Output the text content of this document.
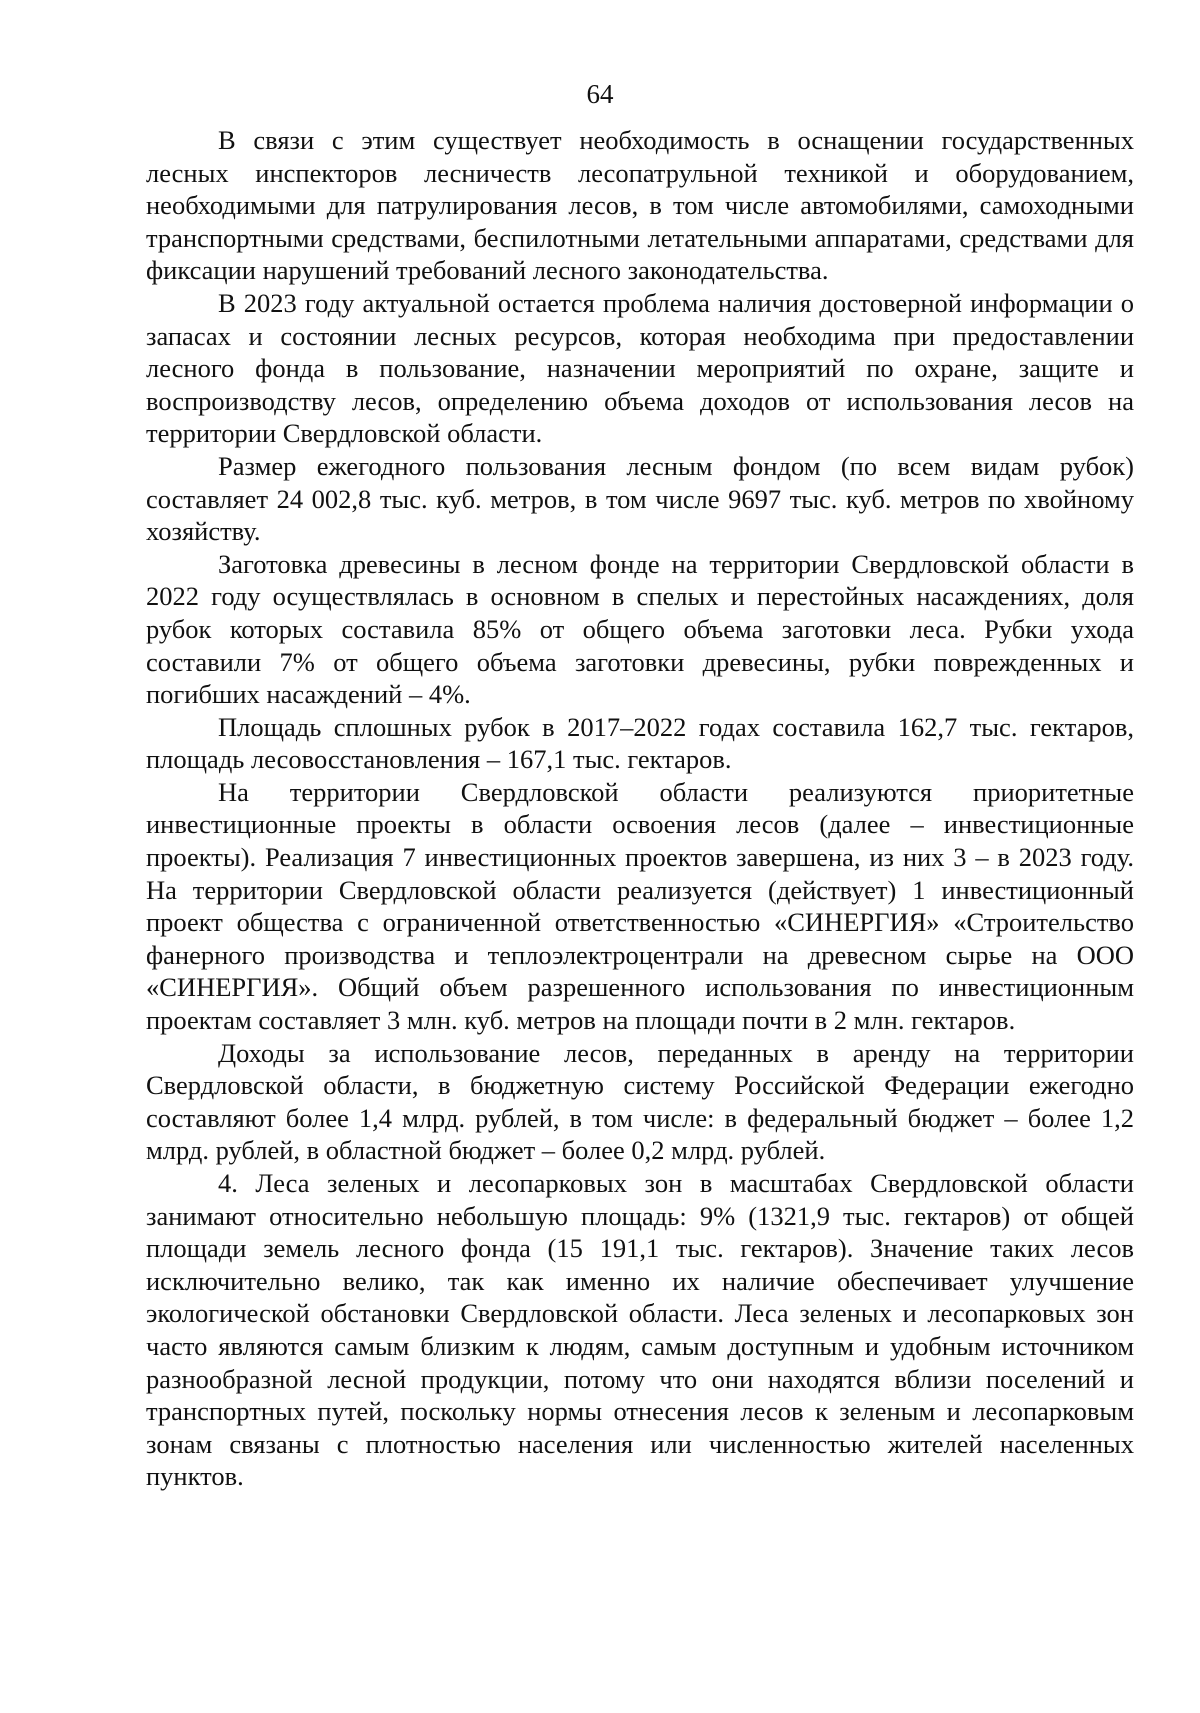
64

В связи с этим существует необходимость в оснащении государственных лесных инспекторов лесничеств лесопатрульной техникой и оборудованием, необходимыми для патрулирования лесов, в том числе автомобилями, самоходными транспортными средствами, беспилотными летательными аппаратами, средствами для фиксации нарушений требований лесного законодательства.

В 2023 году актуальной остается проблема наличия достоверной информации о запасах и состоянии лесных ресурсов, которая необходима при предоставлении лесного фонда в пользование, назначении мероприятий по охране, защите и воспроизводству лесов, определению объема доходов от использования лесов на территории Свердловской области.

Размер ежегодного пользования лесным фондом (по всем видам рубок) составляет 24 002,8 тыс. куб. метров, в том числе 9697 тыс. куб. метров по хвойному хозяйству.

Заготовка древесины в лесном фонде на территории Свердловской области в 2022 году осуществлялась в основном в спелых и перестойных насаждениях, доля рубок которых составила 85% от общего объема заготовки леса. Рубки ухода составили 7% от общего объема заготовки древесины, рубки поврежденных и погибших насаждений – 4%.

Площадь сплошных рубок в 2017–2022 годах составила 162,7 тыс. гектаров, площадь лесовосстановления – 167,1 тыс. гектаров.

На территории Свердловской области реализуются приоритетные инвестиционные проекты в области освоения лесов (далее – инвестиционные проекты). Реализация 7 инвестиционных проектов завершена, из них 3 – в 2023 году. На территории Свердловской области реализуется (действует) 1 инвестиционный проект общества с ограниченной ответственностью «СИНЕРГИЯ» «Строительство фанерного производства и теплоэлектроцентрали на древесном сырье на ООО «СИНЕРГИЯ». Общий объем разрешенного использования по инвестиционным проектам составляет 3 млн. куб. метров на площади почти в 2 млн. гектаров.

Доходы за использование лесов, переданных в аренду на территории Свердловской области, в бюджетную систему Российской Федерации ежегодно составляют более 1,4 млрд. рублей, в том числе: в федеральный бюджет – более 1,2 млрд. рублей, в областной бюджет – более 0,2 млрд. рублей.

4. Леса зеленых и лесопарковых зон в масштабах Свердловской области занимают относительно небольшую площадь: 9% (1321,9 тыс. гектаров) от общей площади земель лесного фонда (15 191,1 тыс. гектаров). Значение таких лесов исключительно велико, так как именно их наличие обеспечивает улучшение экологической обстановки Свердловской области. Леса зеленых и лесопарковых зон часто являются самым близким к людям, самым доступным и удобным источником разнообразной лесной продукции, потому что они находятся вблизи поселений и транспортных путей, поскольку нормы отнесения лесов к зеленым и лесопарковым зонам связаны с плотностью населения или численностью жителей населенных пунктов.
